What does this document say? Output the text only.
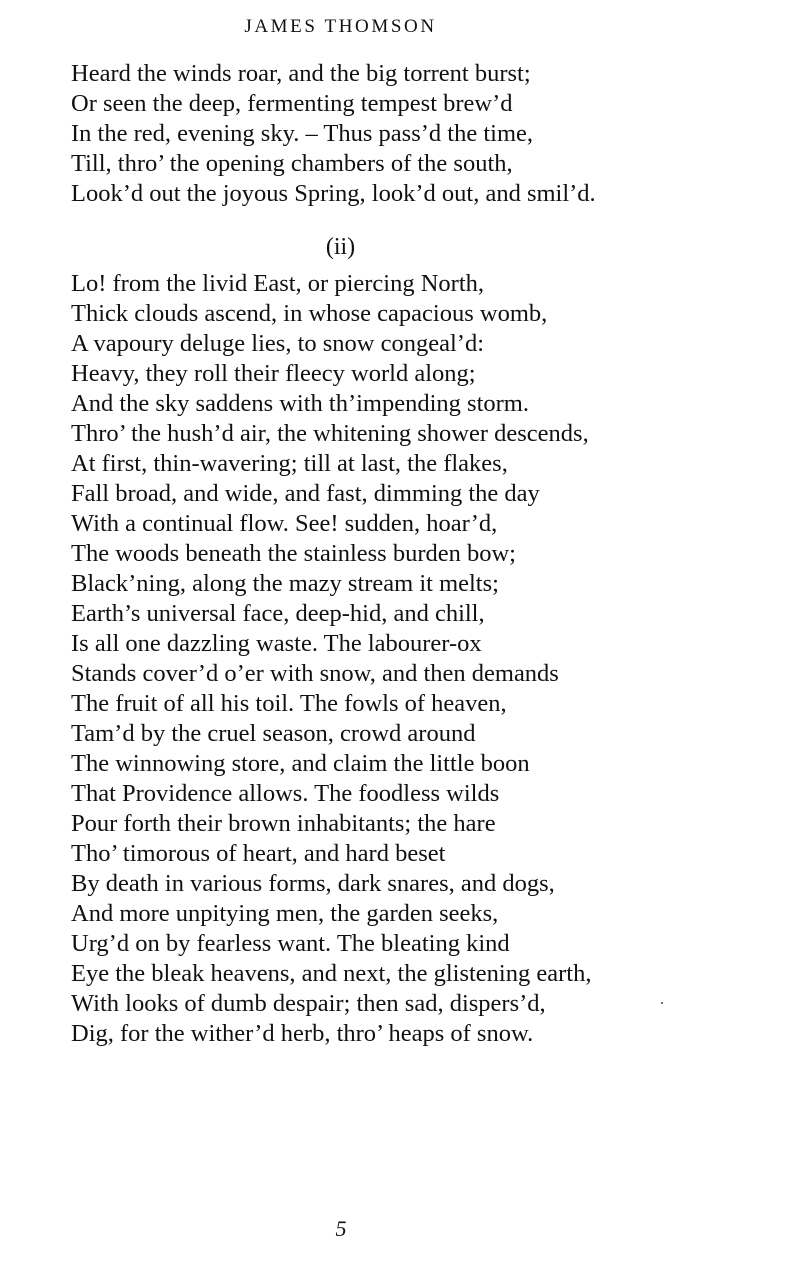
JAMES THOMSON
Heard the winds roar, and the big torrent burst;
Or seen the deep, fermenting tempest brew’d
In the red, evening sky. – Thus pass’d the time,
Till, thro’ the opening chambers of the south,
Look’d out the joyous Spring, look’d out, and smil’d.
(ii)
Lo! from the livid East, or piercing North,
Thick clouds ascend, in whose capacious womb,
A vapoury deluge lies, to snow congeal’d:
Heavy, they roll their fleecy world along;
And the sky saddens with th’impending storm.
Thro’ the hush’d air, the whitening shower descends,
At first, thin-wavering; till at last, the flakes,
Fall broad, and wide, and fast, dimming the day
With a continual flow. See! sudden, hoar’d,
The woods beneath the stainless burden bow;
Black’ning, along the mazy stream it melts;
Earth’s universal face, deep-hid, and chill,
Is all one dazzling waste. The labourer-ox
Stands cover’d o’er with snow, and then demands
The fruit of all his toil. The fowls of heaven,
Tam’d by the cruel season, crowd around
The winnowing store, and claim the little boon
That Providence allows. The foodless wilds
Pour forth their brown inhabitants; the hare
Tho’ timorous of heart, and hard beset
By death in various forms, dark snares, and dogs,
And more unpitying men, the garden seeks,
Urg’d on by fearless want. The bleating kind
Eye the bleak heavens, and next, the glistening earth,
With looks of dumb despair; then sad, dispers’d,
Dig, for the wither’d herb, thro’ heaps of snow.
5
